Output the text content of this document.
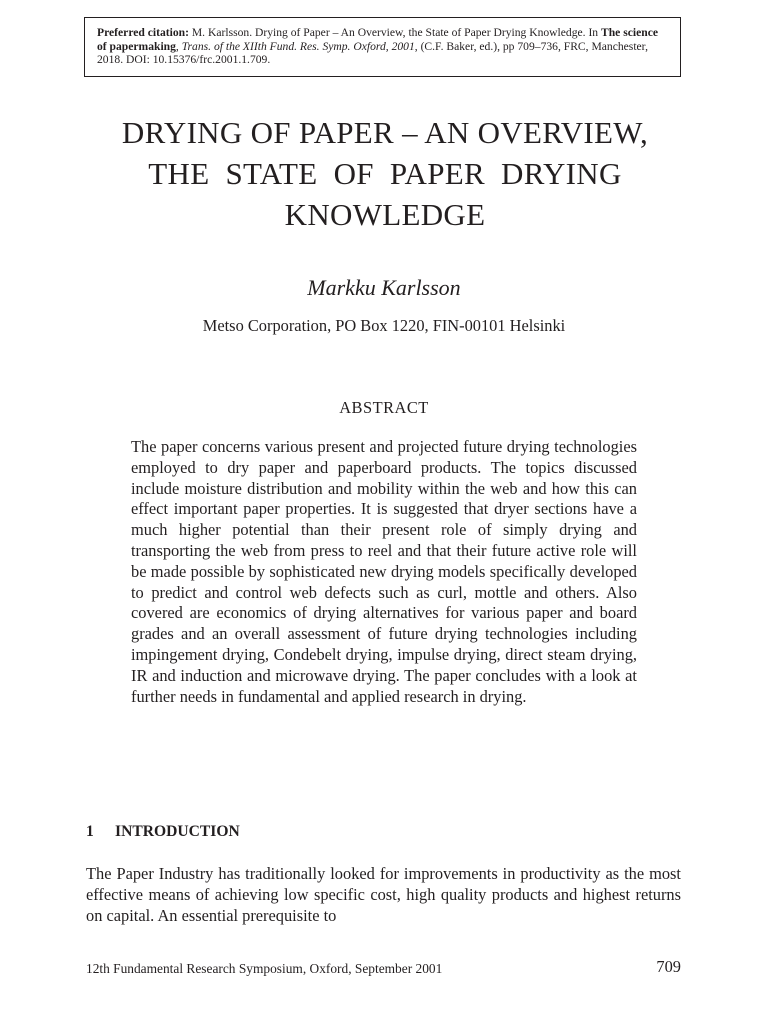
Preferred citation: M. Karlsson. Drying of Paper – An Overview, the State of Paper Drying Knowledge. In The science of papermaking, Trans. of the XIIth Fund. Res. Symp. Oxford, 2001, (C.F. Baker, ed.), pp 709–736, FRC, Manchester, 2018. DOI: 10.15376/frc.2001.1.709.
DRYING OF PAPER – AN OVERVIEW,
THE STATE OF PAPER DRYING
KNOWLEDGE
Markku Karlsson
Metso Corporation, PO Box 1220, FIN-00101 Helsinki
ABSTRACT

The paper concerns various present and projected future drying technologies employed to dry paper and paperboard products. The topics discussed include moisture distribution and mobility within the web and how this can effect important paper properties. It is suggested that dryer sections have a much higher potential than their present role of simply drying and transporting the web from press to reel and that their future active role will be made possible by sophisticated new drying models specifically developed to predict and control web defects such as curl, mottle and others. Also covered are economics of drying alternatives for various paper and board grades and an overall assessment of future drying technologies including impingement drying, Condebelt drying, impulse drying, direct steam drying, IR and induction and microwave drying. The paper concludes with a look at further needs in fundamental and applied research in drying.

1 INTRODUCTION

The Paper Industry has traditionally looked for improvements in productivity as the most effective means of achieving low specific cost, high quality products and highest returns on capital. An essential prerequisite to

12th Fundamental Research Symposium, Oxford, September 2001	709
